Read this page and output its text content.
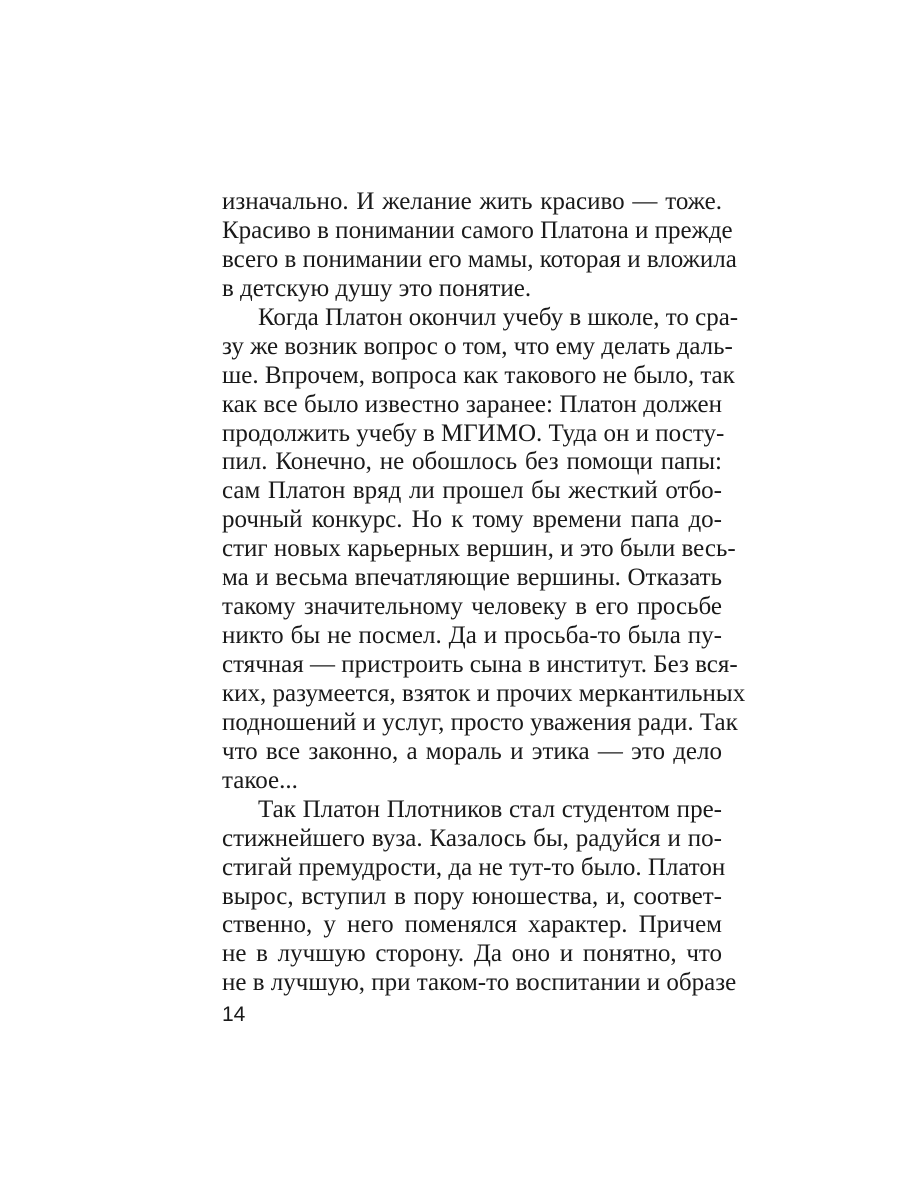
изначально. И желание жить красиво — тоже.
Красиво в понимании самого Платона и прежде
всего в понимании его мамы, которая и вложила
в детскую душу это понятие.
Когда Платон окончил учебу в школе, то сра-
зу же возник вопрос о том, что ему делать даль-
ше. Впрочем, вопроса как такового не было, так
как все было известно заранее: Платон должен
продолжить учебу в МГИМО. Туда он и посту-
пил. Конечно, не обошлось без помощи папы:
сам Платон вряд ли прошел бы жесткий отбо-
рочный конкурс. Но к тому времени папа до-
стиг новых карьерных вершин, и это были весь-
ма и весьма впечатляющие вершины. Отказать
такому значительному человеку в его просьбе
никто бы не посмел. Да и просьба-то была пу-
стячная — пристроить сына в институт. Без вся-
ких, разумеется, взяток и прочих меркантильных
подношений и услуг, просто уважения ради. Так
что все законно, а мораль и этика — это дело
такое...
Так Платон Плотников стал студентом пре-
стижнейшего вуза. Казалось бы, радуйся и по-
стигай премудрости, да не тут-то было. Платон
вырос, вступил в пору юношества, и, соответ-
ственно, у него поменялся характер. Причем
не в лучшую сторону. Да оно и понятно, что
не в лучшую, при таком-то воспитании и образе
14
